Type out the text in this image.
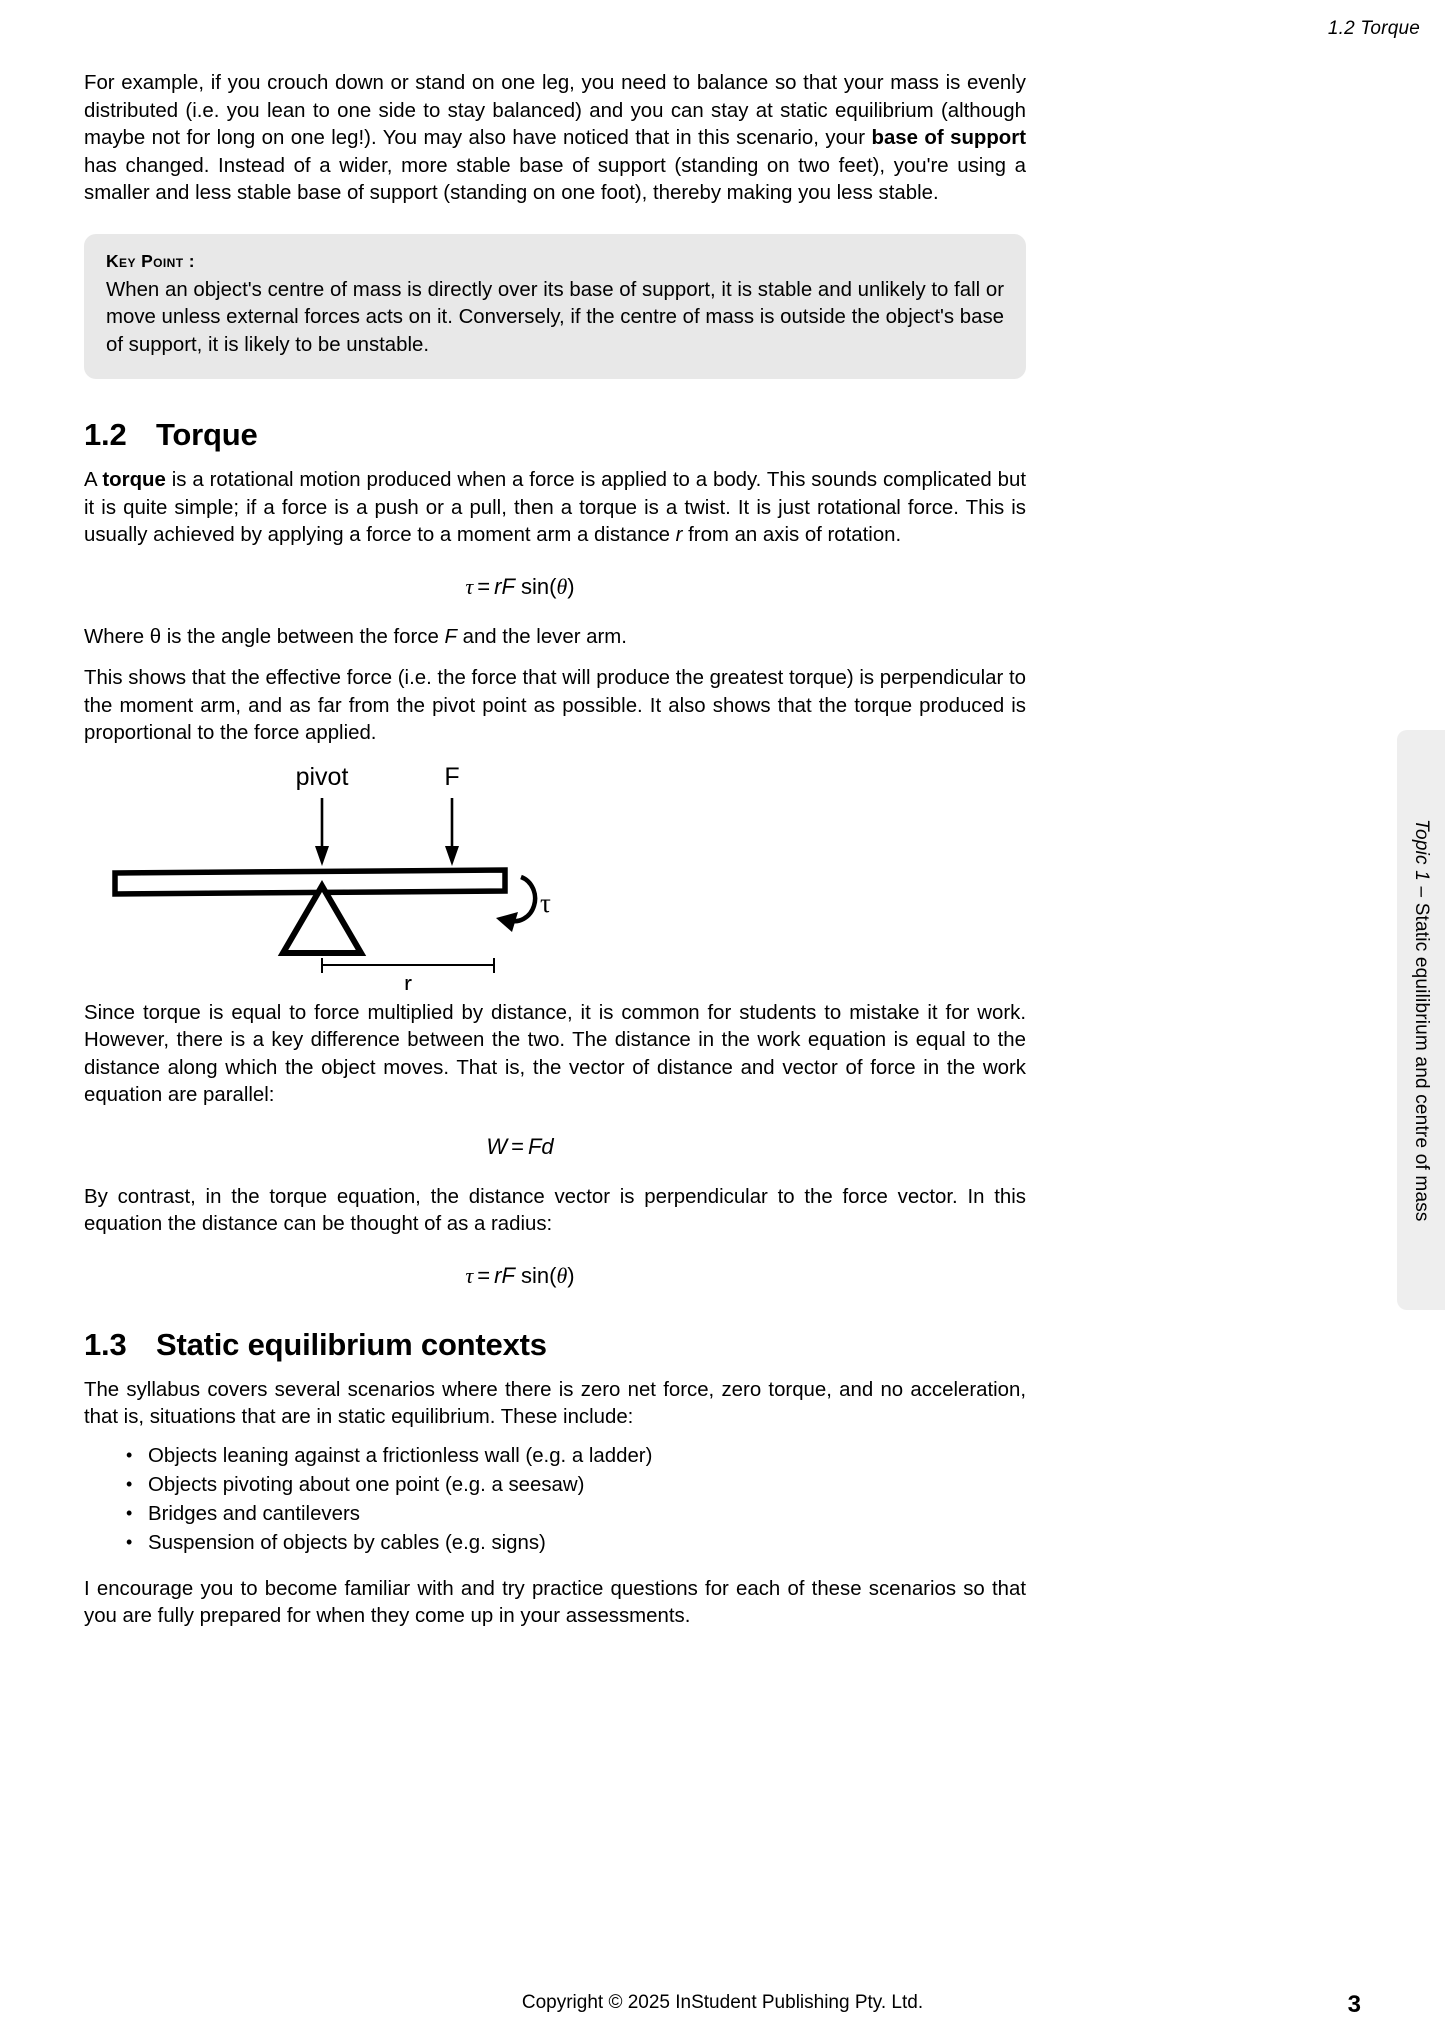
1.2 Torque

For example, if you crouch down or stand on one leg, you need to balance so that your mass is evenly distributed (i.e. you lean to one side to stay balanced) and you can stay at static equilibrium (although maybe not for long on one leg!). You may also have noticed that in this scenario, your base of support has changed. Instead of a wider, more stable base of support (standing on two feet), you're using a smaller and less stable base of support (standing on one foot), thereby making you less stable.

Key Point :
When an object's centre of mass is directly over its base of support, it is stable and unlikely to fall or move unless external forces acts on it. Conversely, if the centre of mass is outside the object's base of support, it is likely to be unstable.
1.2 Torque

A torque is a rotational motion produced when a force is applied to a body. This sounds complicated but it is quite simple; if a force is a push or a pull, then a torque is a twist. It is just rotational force. This is usually achieved by applying a force to a moment arm a distance r from an axis of rotation.

τ = rF sin(θ)

Where θ is the angle between the force F and the lever arm.

This shows that the effective force (i.e. the force that will produce the greatest torque) is perpendicular to the moment arm, and as far from the pivot point as possible. It also shows that the torque produced is proportional to the force applied.

pivot	F
τ
r

Since torque is equal to force multiplied by distance, it is common for students to mistake it for work. However, there is a key difference between the two. The distance in the work equation is equal to the distance along which the object moves. That is, the vector of distance and vector of force in the work equation are parallel:

W = Fd

By contrast, in the torque equation, the distance vector is perpendicular to the force vector. In this equation the distance can be thought of as a radius:

τ = rF sin(θ)
1.3 Static equilibrium contexts

The syllabus covers several scenarios where there is zero net force, zero torque, and no acceleration, that is, situations that are in static equilibrium. These include:

• Objects leaning against a frictionless wall (e.g. a ladder)
• Objects pivoting about one point (e.g. a seesaw)
• Bridges and cantilevers
• Suspension of objects by cables (e.g. signs)

I encourage you to become familiar with and try practice questions for each of these scenarios so that you are fully prepared for when they come up in your assessments.

Topic 1 – Static equilibrium and centre of mass
Copyright © 2025 InStudent Publishing Pty. Ltd.	3
